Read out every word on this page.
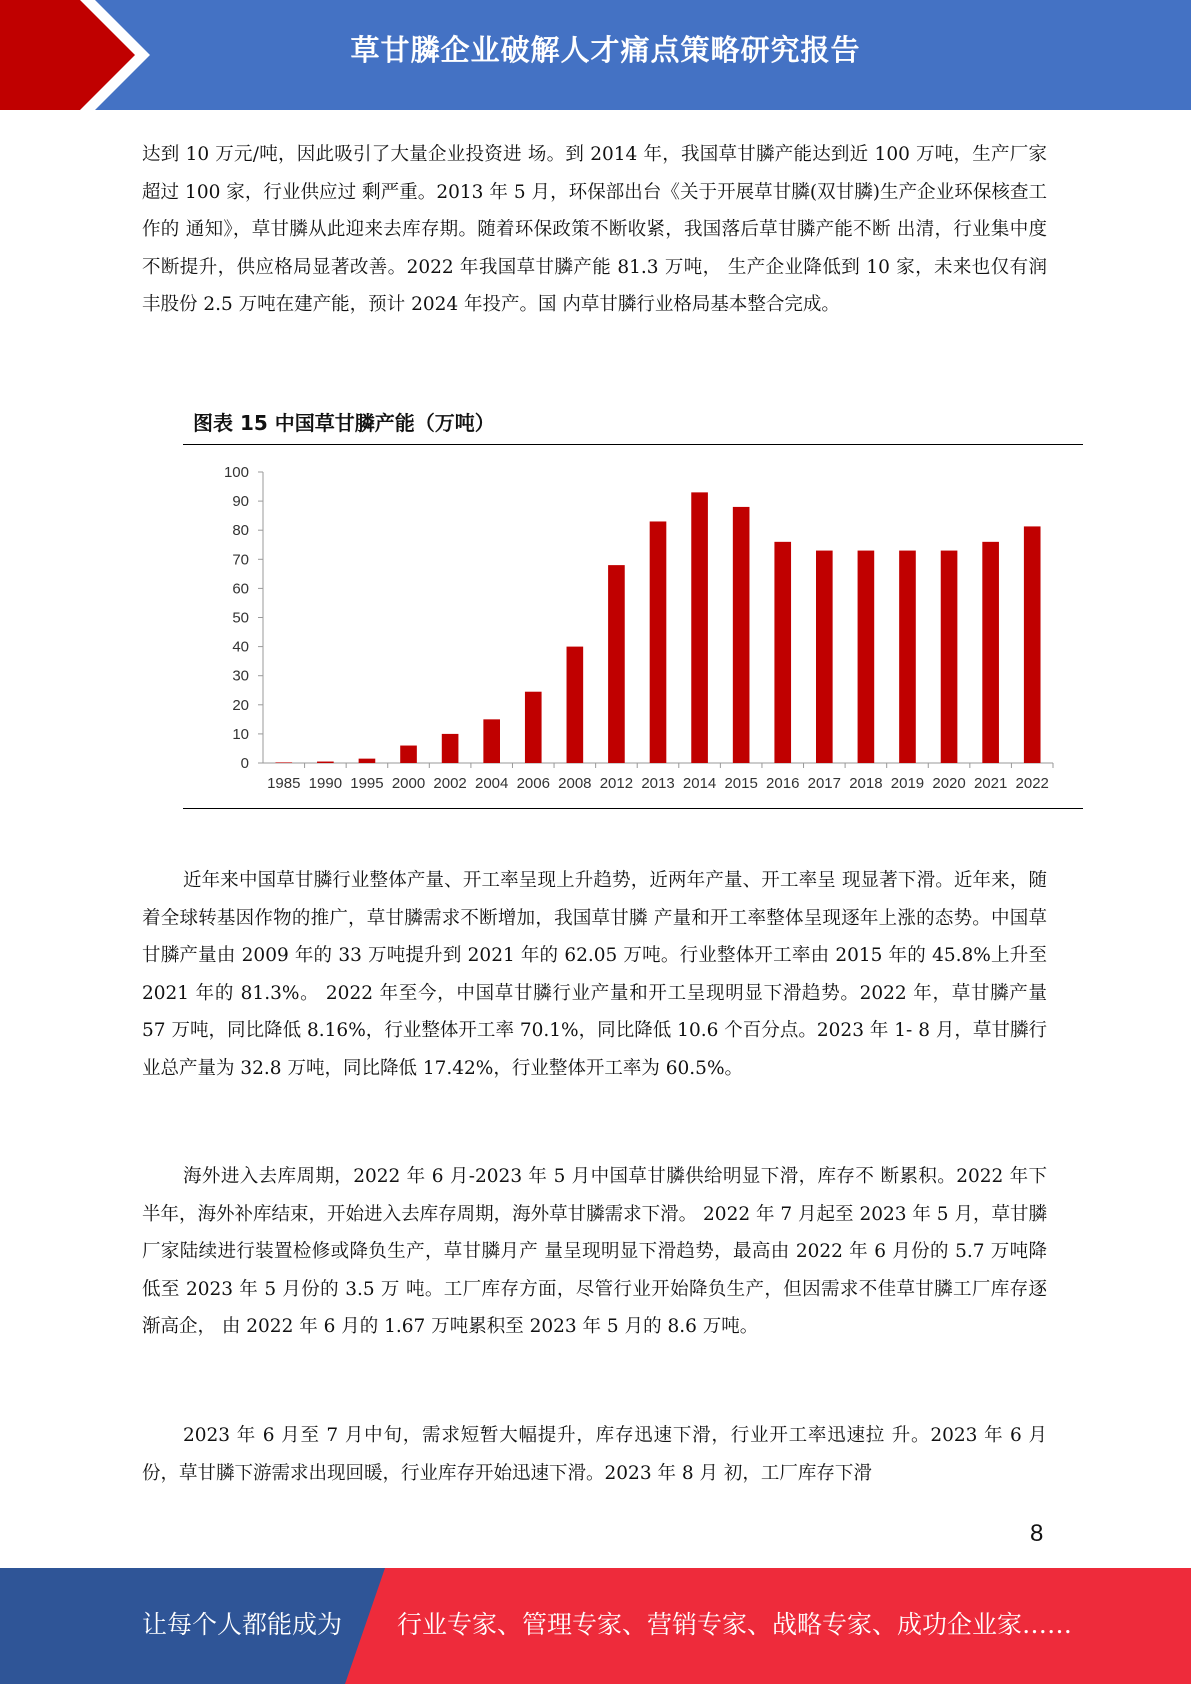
草甘膦企业破解人才痛点策略研究报告

达到 10 万元/吨，因此吸引了大量企业投资进 场。到 2014 年，我国草甘膦产能达到近 100 万吨，生产厂家超过 100 家，行业供应过 剩严重。2013 年 5 月，环保部出台《关于开展草甘膦(双甘膦)生产企业环保核查工作的 通知》，草甘膦从此迎来去库存期。随着环保政策不断收紧，我国落后草甘膦产能不断 出清，行业集中度不断提升，供应格局显著改善。2022 年我国草甘膦产能 81.3 万吨， 生产企业降低到 10 家，未来也仅有润丰股份 2.5 万吨在建产能，预计 2024 年投产。国 内草甘膦行业格局基本整合完成。

图表 15 中国草甘膦产能（万吨）
0
10
20
30
40
50
60
70
80
90
100
1985 1990 1995 2000 2002 2004 2006 2008 2012 2013 2014 2015 2016 2017 2018 2019 2020 2021 2022

近年来中国草甘膦行业整体产量、开工率呈现上升趋势，近两年产量、开工率呈 现显著下滑。近年来，随着全球转基因作物的推广，草甘膦需求不断增加，我国草甘膦 产量和开工率整体呈现逐年上涨的态势。中国草甘膦产量由 2009 年的 33 万吨提升到 2021 年的 62.05 万吨。行业整体开工率由 2015 年的 45.8%上升至 2021 年的 81.3%。 2022 年至今，中国草甘膦行业产量和开工呈现明显下滑趋势。2022 年，草甘膦产量 57 万吨，同比降低 8.16%，行业整体开工率 70.1%，同比降低 10.6 个百分点。2023 年 1- 8 月，草甘膦行业总产量为 32.8 万吨，同比降低 17.42%，行业整体开工率为 60.5%。

海外进入去库周期，2022 年 6 月-2023 年 5 月中国草甘膦供给明显下滑，库存不 断累积。2022 年下半年，海外补库结束，开始进入去库存周期，海外草甘膦需求下滑。 2022 年 7 月起至 2023 年 5 月，草甘膦厂家陆续进行装置检修或降负生产，草甘膦月产 量呈现明显下滑趋势，最高由 2022 年 6 月份的 5.7 万吨降低至 2023 年 5 月份的 3.5 万 吨。工厂库存方面，尽管行业开始降负生产，但因需求不佳草甘膦工厂库存逐渐高企， 由 2022 年 6 月的 1.67 万吨累积至 2023 年 5 月的 8.6 万吨。

2023 年 6 月至 7 月中旬，需求短暂大幅提升，库存迅速下滑，行业开工率迅速拉 升。2023 年 6 月份，草甘膦下游需求出现回暖，行业库存开始迅速下滑。2023 年 8 月 初，工厂库存下滑

8
让每个人都能成为 行业专家、管理专家、营销专家、战略专家、成功企业家……
